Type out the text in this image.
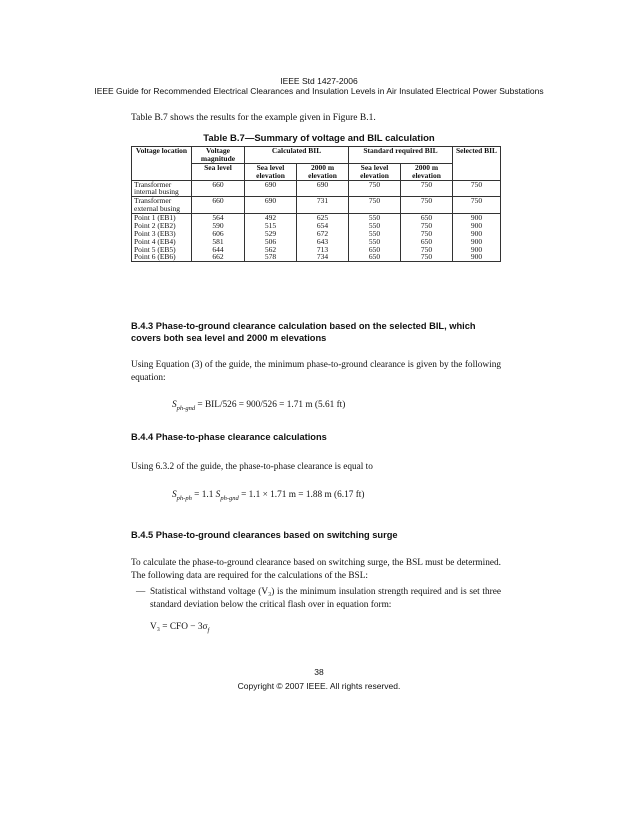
IEEE Std 1427-2006
IEEE Guide for Recommended Electrical Clearances and Insulation Levels in Air Insulated Electrical Power Substations
Table B.7 shows the results for the example given in Figure B.1.
Table B.7—Summary of voltage and BIL calculation
Voltage location	Voltage magnitude	Calculated BIL		Standard required BIL		Selected BIL
	Sea level	Sea level elevation	2000 m elevation	Sea level elevation	2000 m elevation	
Transformer internal busing	660	690	690	750	750	750
Transformer external busing	660	690	731	750	750	750
Point 1 (EB1)	564	492	625	550	650	900
Point 2 (EB2)	590	515	654	550	750	900
Point 3 (EB3)	606	529	672	550	750	900
Point 4 (EB4)	581	506	643	550	650	900
Point 5 (EB5)	644	562	713	650	750	900
Point 6 (EB6)	662	578	734	650	750	900
B.4.3 Phase-to-ground clearance calculation based on the selected BIL, which covers both sea level and 2000 m elevations
Using Equation (3) of the guide, the minimum phase-to-ground clearance is given by the following equation:
$S_{ph-gnd} = BIL/526 = 900/526 = 1.71$ m (5.61 ft)
B.4.4 Phase-to-phase clearance calculations
Using 6.3.2 of the guide, the phase-to-phase clearance is equal to
$S_{ph-ph} = 1.1$ $S_{ph-gnd} = 1.1 \times 1.71$ m = 1.88 m (6.17 ft)
B.4.5 Phase-to-ground clearances based on switching surge
To calculate the phase-to-ground clearance based on switching surge, the BSL must be determined. The following data are required for the calculations of the BSL:
— Statistical withstand voltage (V₃) is the minimum insulation strength required and is set three standard deviation below the critical flash over in equation form:
V₃ = CFO − $3\sigma_f$
38
Copyright © 2007 IEEE. All rights reserved.
